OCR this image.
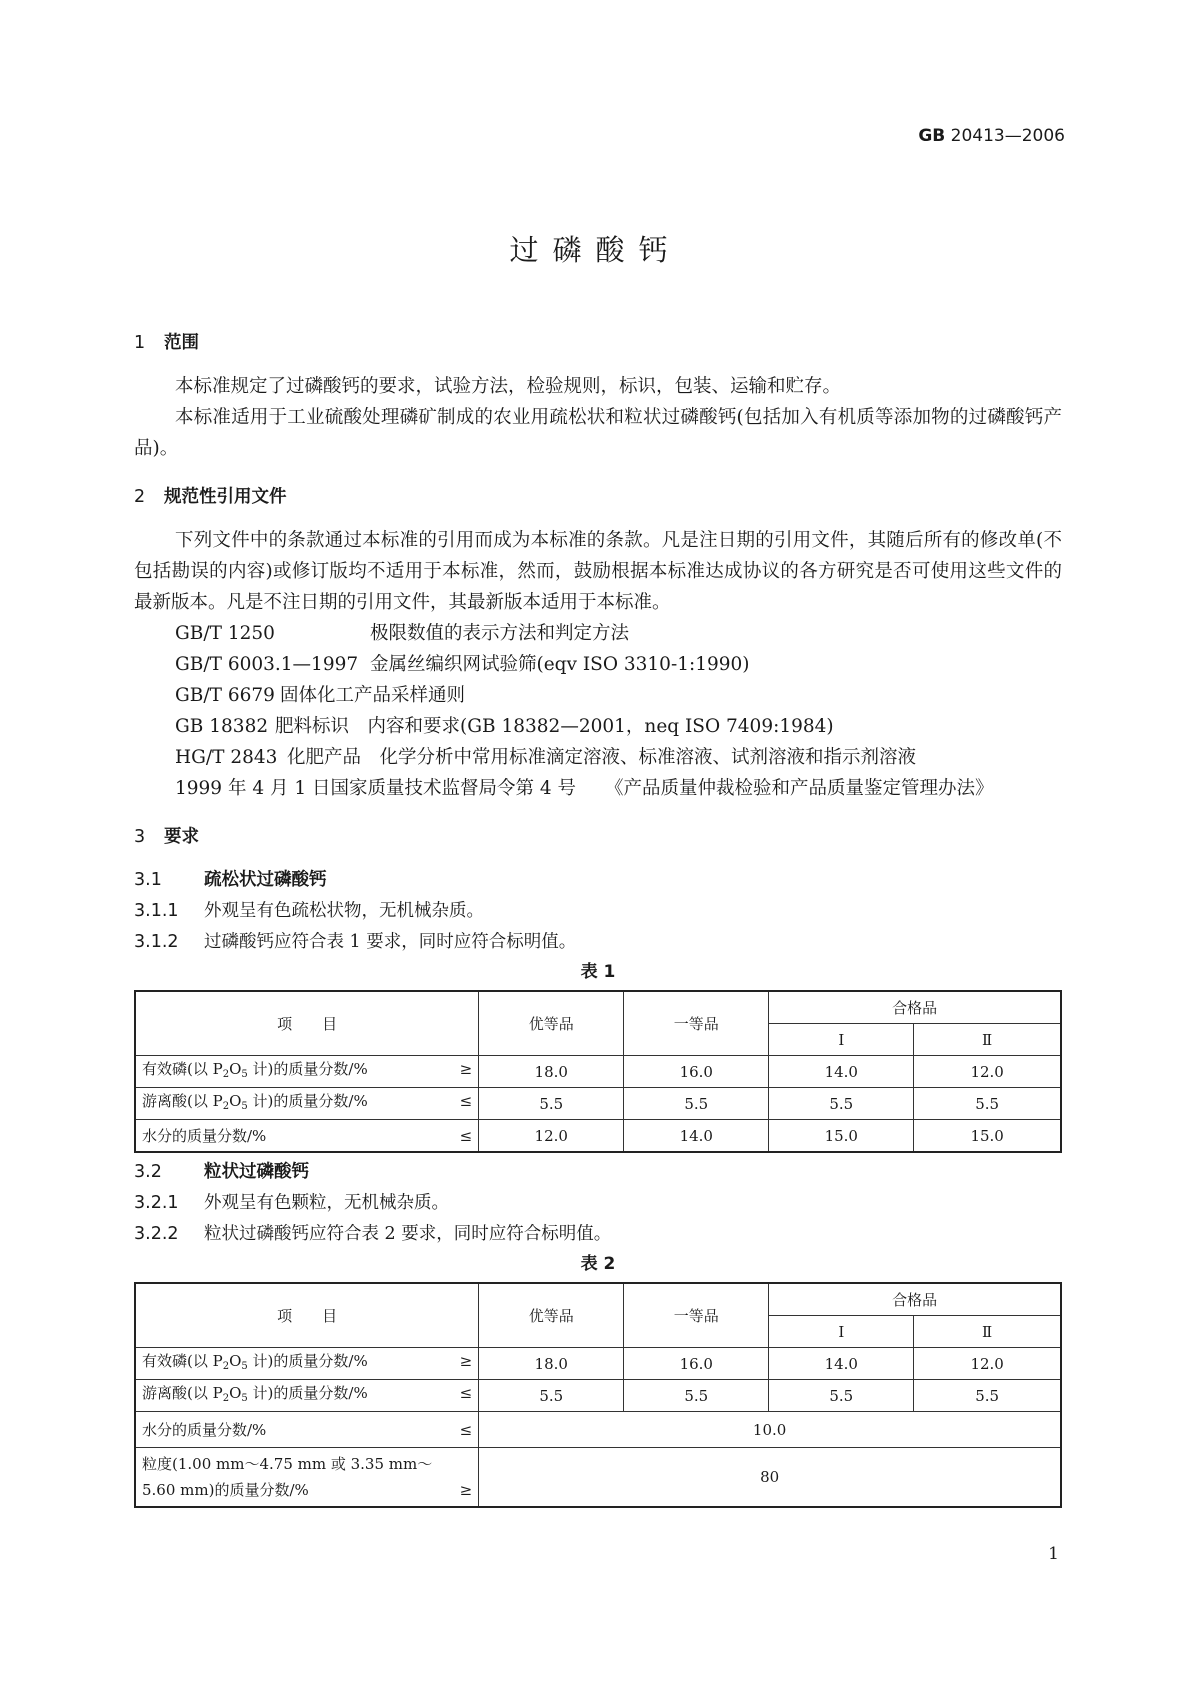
GB 20413—2006
过磷酸钙
1 范围

本标准规定了过磷酸钙的要求，试验方法，检验规则，标识，包装、运输和贮存。

本标准适用于工业硫酸处理磷矿制成的农业用疏松状和粒状过磷酸钙(包括加入有机质等添加物的过磷酸钙产品)。

2 规范性引用文件

下列文件中的条款通过本标准的引用而成为本标准的条款。凡是注日期的引用文件，其随后所有的修改单(不包括勘误的内容)或修订版均不适用于本标准，然而，鼓励根据本标准达成协议的各方研究是否可使用这些文件的最新版本。凡是不注日期的引用文件，其最新版本适用于本标准。

GB/T 1250	极限数值的表示方法和判定方法

GB/T 6003.1—1997 金属丝编织网试验筛(eqv ISO 3310-1:1990)

GB/T 6679 固体化工产品采样通则

GB 18382 肥料标识　内容和要求(GB 18382—2001，neq ISO 7409:1984)

HG/T 2843 化肥产品　化学分析中常用标准滴定溶液、标准溶液、试剂溶液和指示剂溶液

1999 年 4 月 1 日国家质量技术监督局令第 4 号 《产品质量仲裁检验和产品质量鉴定管理办法》

3 要求
3.1 疏松状过磷酸钙

3.1.1 外观呈有色疏松状物，无机械杂质。

3.1.2 过磷酸钙应符合表 1 要求，同时应符合标明值。

表 1
项　　目	优等品	一等品	合格品	
			Ⅰ	Ⅱ
有效磷(以 $P_2O_5$ 计)的质量分数/% ≥	18.0	16.0	14.0	12.0
游离酸(以 $P_2O_5$ 计)的质量分数/% ≤	5.5	5.5	5.5	5.5
水分的质量分数/% ≤	12.0	14.0	15.0	15.0
3.2 粒状过磷酸钙

3.2.1 外观呈有色颗粒，无机械杂质。

3.2.2 粒状过磷酸钙应符合表 2 要求，同时应符合标明值。

表 2
项　　目	优等品	一等品	合格品	
			Ⅰ	Ⅱ
有效磷(以 $P_2O_5$ 计)的质量分数/% ≥	18.0	16.0	14.0	12.0
游离酸(以 $P_2O_5$ 计)的质量分数/% ≤	5.5	5.5	5.5	5.5
水分的质量分数/% ≤	10.0			
粒度(1.00 mm～4.75 mm 或 3.35 mm～
5.60 mm)的质量分数/% ≥	80			
1
